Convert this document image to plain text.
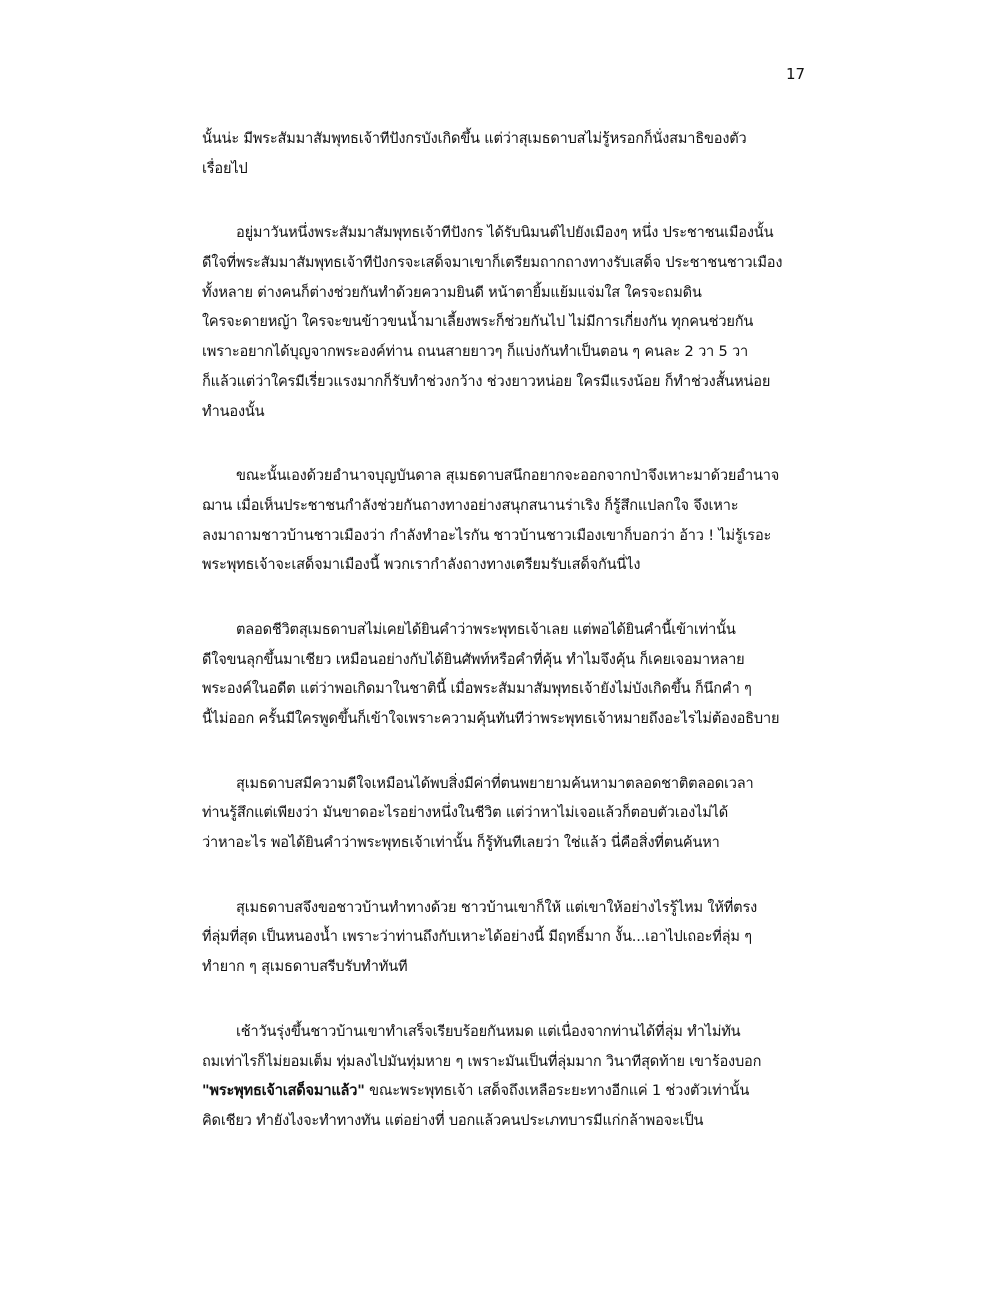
17
นั้นน่ะ มีพระสัมมาสัมพุทธเจ้าทีปังกรบังเกิดขึ้น แต่ว่าสุเมธดาบสไม่รู้หรอกก็นั่งสมาธิของตัว
เรื่อยไป
อยู่มาวันหนึ่งพระสัมมาสัมพุทธเจ้าทีปังกร ได้รับนิมนต์ไปยังเมืองๆ หนึ่ง ประชาชนเมืองนั้น
ดีใจที่พระสัมมาสัมพุทธเจ้าทีปังกรจะเสด็จมาเขาก็เตรียมถากถางทางรับเสด็จ ประชาชนชาวเมือง
ทั้งหลาย ต่างคนก็ต่างช่วยกันทำด้วยความยินดี หน้าตายิ้มแย้มแจ่มใส ใครจะถมดิน
ใครจะดายหญ้า ใครจะขนข้าวขนน้ำมาเลี้ยงพระก็ช่วยกันไป ไม่มีการเกี่ยงกัน ทุกคนช่วยกัน
เพราะอยากได้บุญจากพระองค์ท่าน ถนนสายยาวๆ ก็แบ่งกันทำเป็นตอน ๆ คนละ 2 วา 5 วา
ก็แล้วแต่ว่าใครมีเรี่ยวแรงมากก็รับทำช่วงกว้าง ช่วงยาวหน่อย ใครมีแรงน้อย ก็ทำช่วงสั้นหน่อย
ทำนองนั้น
ขณะนั้นเองด้วยอำนาจบุญบันดาล สุเมธดาบสนึกอยากจะออกจากป่าจึงเหาะมาด้วยอำนาจ
ฌาน เมื่อเห็นประชาชนกำลังช่วยกันถางทางอย่างสนุกสนานร่าเริง ก็รู้สึกแปลกใจ จึงเหาะ
ลงมาถามชาวบ้านชาวเมืองว่า กำลังทำอะไรกัน ชาวบ้านชาวเมืองเขาก็บอกว่า อ้าว ! ไม่รู้เรอะ
พระพุทธเจ้าจะเสด็จมาเมืองนี้ พวกเรากำลังถางทางเตรียมรับเสด็จกันนี่ไง
ตลอดชีวิตสุเมธดาบสไม่เคยได้ยินคำว่าพระพุทธเจ้าเลย แต่พอได้ยินคำนี้เข้าเท่านั้น
ดีใจขนลุกขึ้นมาเชียว เหมือนอย่างกับได้ยินศัพท์หรือคำที่คุ้น ทำไมจึงคุ้น ก็เคยเจอมาหลาย
พระองค์ในอดีต แต่ว่าพอเกิดมาในชาตินี้ เมื่อพระสัมมาสัมพุทธเจ้ายังไม่บังเกิดขึ้น ก็นึกคำ ๆ
นี้ไม่ออก ครั้นมีใครพูดขึ้นก็เข้าใจเพราะความคุ้นทันทีว่าพระพุทธเจ้าหมายถึงอะไรไม่ต้องอธิบาย
สุเมธดาบสมีความดีใจเหมือนได้พบสิ่งมีค่าที่ตนพยายามค้นหามาตลอดชาติตลอดเวลา
ท่านรู้สึกแต่เพียงว่า มันขาดอะไรอย่างหนึ่งในชีวิต แต่ว่าหาไม่เจอแล้วก็ตอบตัวเองไม่ได้
ว่าหาอะไร พอได้ยินคำว่าพระพุทธเจ้าเท่านั้น ก็รู้ทันทีเลยว่า ใช่แล้ว นี่คือสิ่งที่ตนค้นหา
สุเมธดาบสจึงขอชาวบ้านทำทางด้วย ชาวบ้านเขาก็ให้ แต่เขาให้อย่างไรรู้ไหม ให้ที่ตรง
ที่ลุ่มที่สุด เป็นหนองน้ำ เพราะว่าท่านถึงกับเหาะได้อย่างนี้ มีฤทธิ์มาก งั้น...เอาไปเถอะที่ลุ่ม ๆ
ทำยาก ๆ สุเมธดาบสรีบรับทำทันที
เช้าวันรุ่งขึ้นชาวบ้านเขาทำเสร็จเรียบร้อยกันหมด แต่เนื่องจากท่านได้ที่ลุ่ม ทำไม่ทัน
ถมเท่าไรก็ไม่ยอมเต็ม ทุ่มลงไปมันทุ่มหาย ๆ เพราะมันเป็นที่ลุ่มมาก วินาทีสุดท้าย เขาร้องบอก
"พระพุทธเจ้าเสด็จมาแล้ว" ขณะพระพุทธเจ้า เสด็จถึงเหลือระยะทางอีกแค่ 1 ช่วงตัวเท่านั้น
คิดเชียว ทำยังไงจะทำทางทัน แต่อย่างที่ บอกแล้วคนประเภทบารมีแก่กล้าพอจะเป็น
